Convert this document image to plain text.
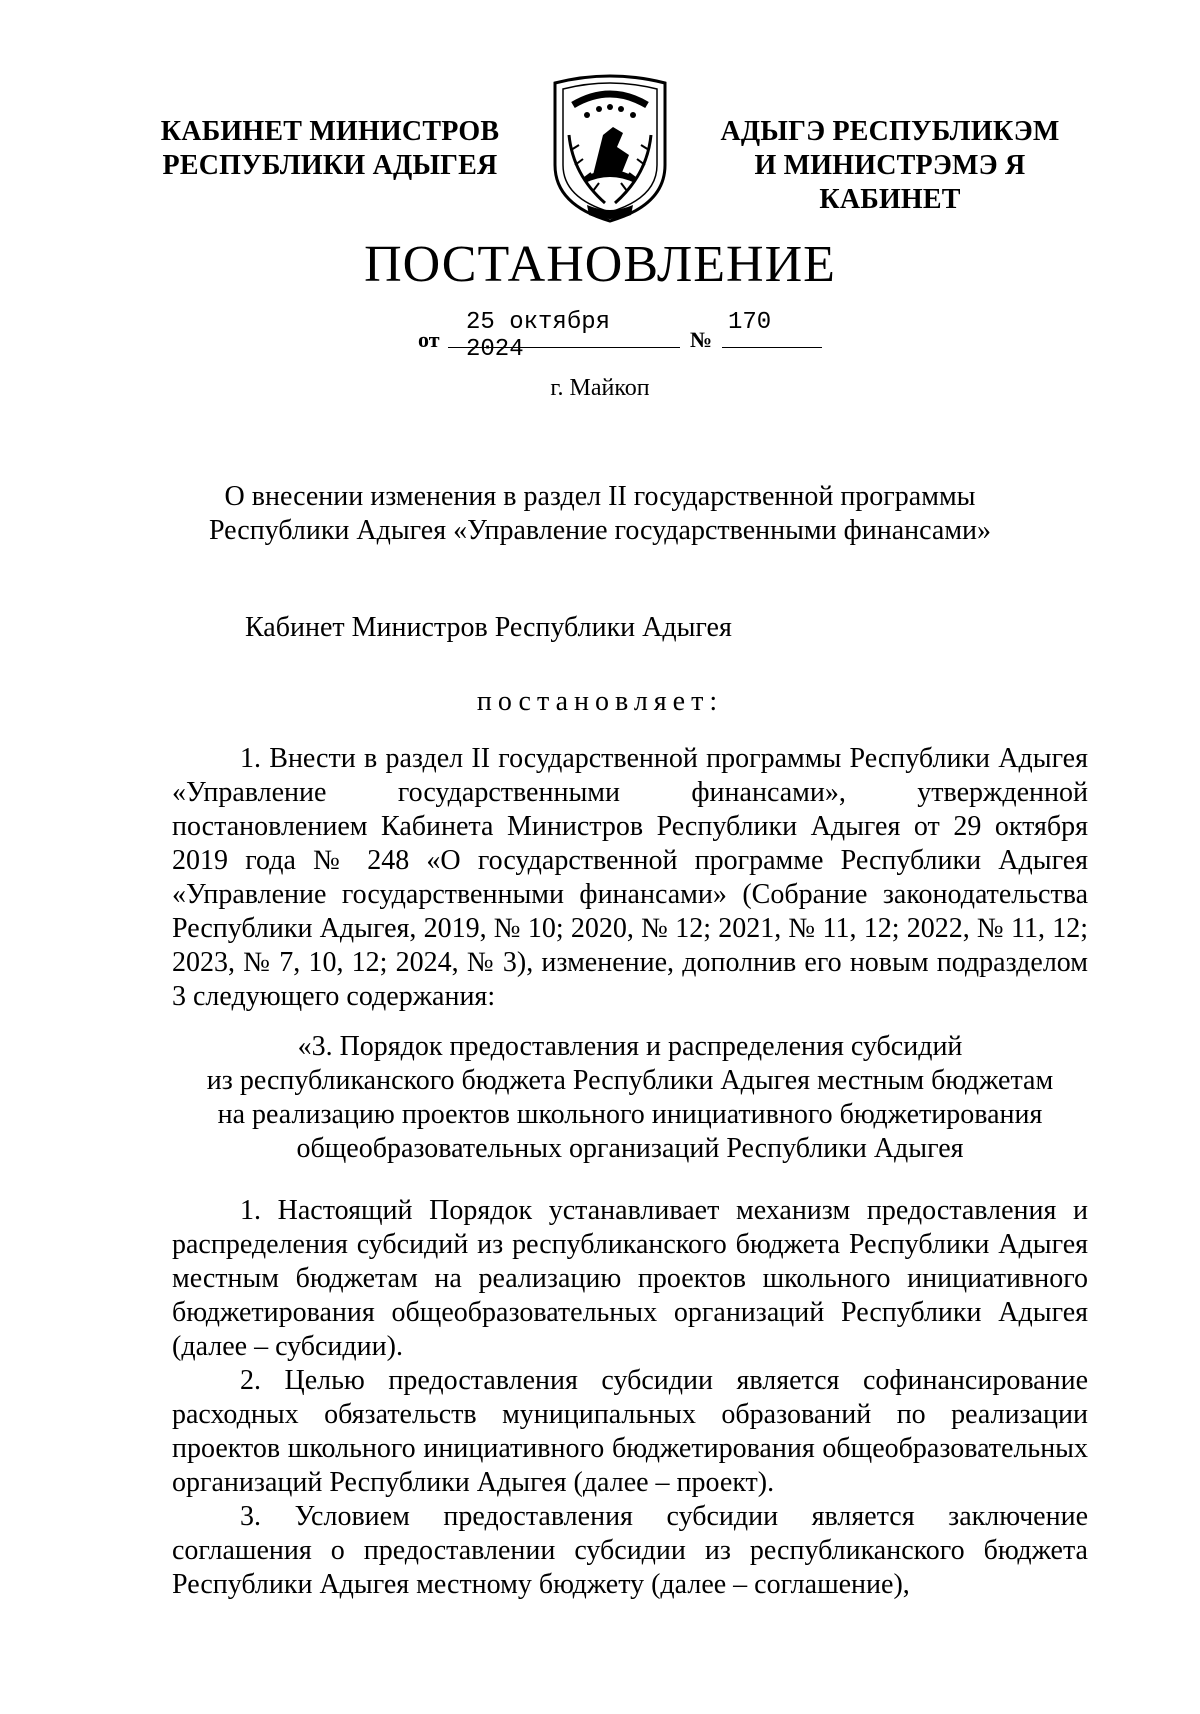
КАБИНЕТ МИНИСТРОВ
РЕСПУБЛИКИ АДЫГЕЯ
АДЫГЭ РЕСПУБЛИКЭМ
И МИНИСТРЭМЭ Я КАБИНЕТ
ПОСТАНОВЛЕНИЕ
от
25 октября 2024	№
170
г. Майкоп
О внесении изменения в раздел II государственной программы
Республики Адыгея «Управление государственными финансами»
Кабинет Министров Республики Адыгея
постановляет:
1. Внести в раздел II государственной программы Республики Адыгея «Управление государственными финансами», утвержденной постановлением Кабинета Министров Республики Адыгея от 29 октября 2019 года № 248 «О государственной программе Республики Адыгея «Управление государственными финансами» (Собрание законодательства Республики Адыгея, 2019, № 10; 2020, № 12; 2021, № 11, 12; 2022, № 11, 12; 2023, № 7, 10, 12; 2024, № 3), изменение, дополнив его новым подразделом 3 следующего содержания:
«3. Порядок предоставления и распределения субсидий
из республиканского бюджета Республики Адыгея местным бюджетам
на реализацию проектов школьного инициативного бюджетирования
общеобразовательных организаций Республики Адыгея
1. Настоящий Порядок устанавливает механизм предоставления и распределения субсидий из республиканского бюджета Республики Адыгея местным бюджетам на реализацию проектов школьного инициативного бюджетирования общеобразовательных организаций Республики Адыгея (далее – субсидии).
2. Целью предоставления субсидии является софинансирование расходных обязательств муниципальных образований по реализации проектов школьного инициативного бюджетирования общеобразовательных организаций Республики Адыгея (далее – проект).
3. Условием предоставления субсидии является заключение соглашения о предоставлении субсидии из республиканского бюджета Республики Адыгея местному бюджету (далее – соглашение),
